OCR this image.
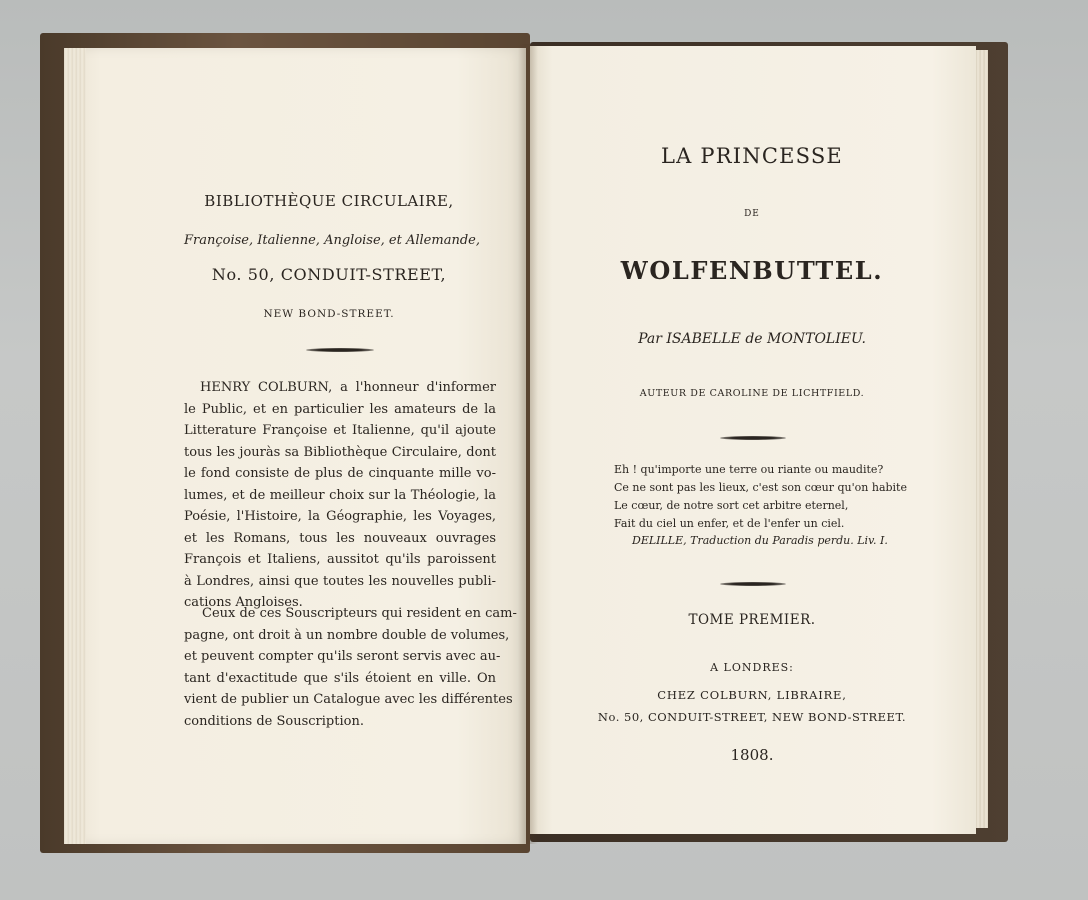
BIBLIOTHÈQUE CIRCULAIRE,
Françoise, Italienne, Angloise, et Allemande,
No. 50, CONDUIT-STREET,
NEW BOND-STREET.
HENRY COLBURN, a l'honneur d'informer
le Public, et en particulier les amateurs de la
Litterature Françoise et Italienne, qu'il ajoute
tous les jouràs sa Bibliothèque Circulaire, dont
le fond consiste de plus de cinquante mille vo-
lumes, et de meilleur choix sur la Théologie, la
Poésie, l'Histoire, la Géographie, les Voyages,
et les Romans, tous les nouveaux ouvrages
François et Italiens, aussitot qu'ils paroissent
à Londres, ainsi que toutes les nouvelles publi-
cations Angloises.
Ceux de ces Souscripteurs qui resident en cam-
pagne, ont droit à un nombre double de volumes,
et peuvent compter qu'ils seront servis avec au-
tant d'exactitude que s'ils étoient en ville. On
vient de publier un Catalogue avec les différentes
conditions de Souscription.
LA PRINCESSE
DE
WOLFENBUTTEL.
Par ISABELLE de MONTOLIEU.
AUTEUR DE CAROLINE DE LICHTFIELD.
Eh ! qu'importe une terre ou riante ou maudite?
Ce ne sont pas les lieux, c'est son cœur qu'on habite
Le cœur, de notre sort cet arbitre eternel,
Fait du ciel un enfer, et de l'enfer un ciel.
DELILLE, Traduction du Paradis perdu. Liv. I.
TOME PREMIER.
A LONDRES:
CHEZ COLBURN, LIBRAIRE,
No. 50, CONDUIT-STREET, NEW BOND-STREET.
1808.
